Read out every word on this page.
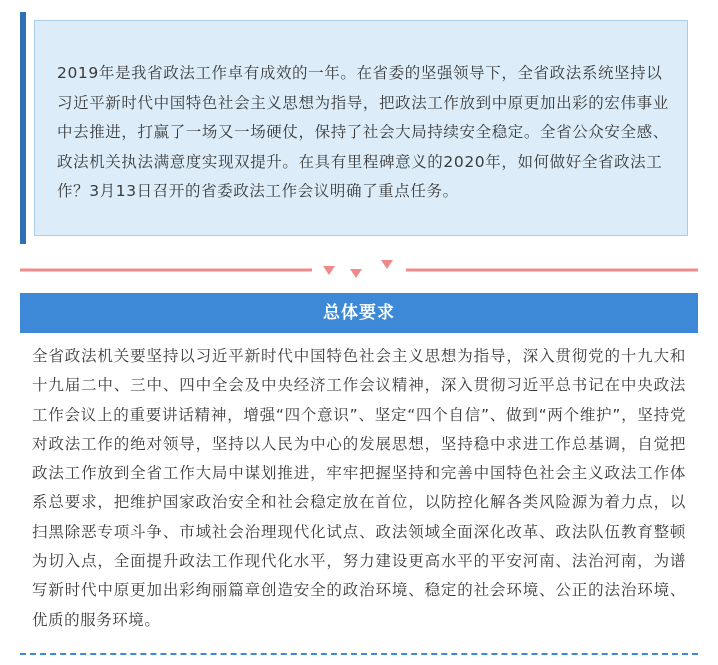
2019年是我省政法工作卓有成效的一年。在省委的坚强领导下，全省政法系统坚持以习近平新时代中国特色社会主义思想为指导，把政法工作放到中原更加出彩的宏伟事业中去推进，打赢了一场又一场硬仗，保持了社会大局持续安全稳定。全省公众安全感、政法机关执法满意度实现双提升。在具有里程碑意义的2020年，如何做好全省政法工作？3月13日召开的省委政法工作会议明确了重点任务。
总体要求
全省政法机关要坚持以习近平新时代中国特色社会主义思想为指导，深入贯彻党的十九大和十九届二中、三中、四中全会及中央经济工作会议精神，深入贯彻习近平总书记在中央政法工作会议上的重要讲话精神，增强“四个意识”、坚定“四个自信”、做到“两个维护”，坚持党对政法工作的绝对领导，坚持以人民为中心的发展思想，坚持稳中求进工作总基调，自觉把政法工作放到全省工作大局中谋划推进，牢牢把握坚持和完善中国特色社会主义政法工作体系总要求，把维护国家政治安全和社会稳定放在首位，以防控化解各类风险源为着力点，以扫黑除恶专项斗争、市域社会治理现代化试点、政法领域全面深化改革、政法队伍教育整顿为切入点，全面提升政法工作现代化水平，努力建设更高水平的平安河南、法治河南，为谱写新时代中原更加出彩绚丽篇章创造安全的政治环境、稳定的社会环境、公正的法治环境、优质的服务环境。
